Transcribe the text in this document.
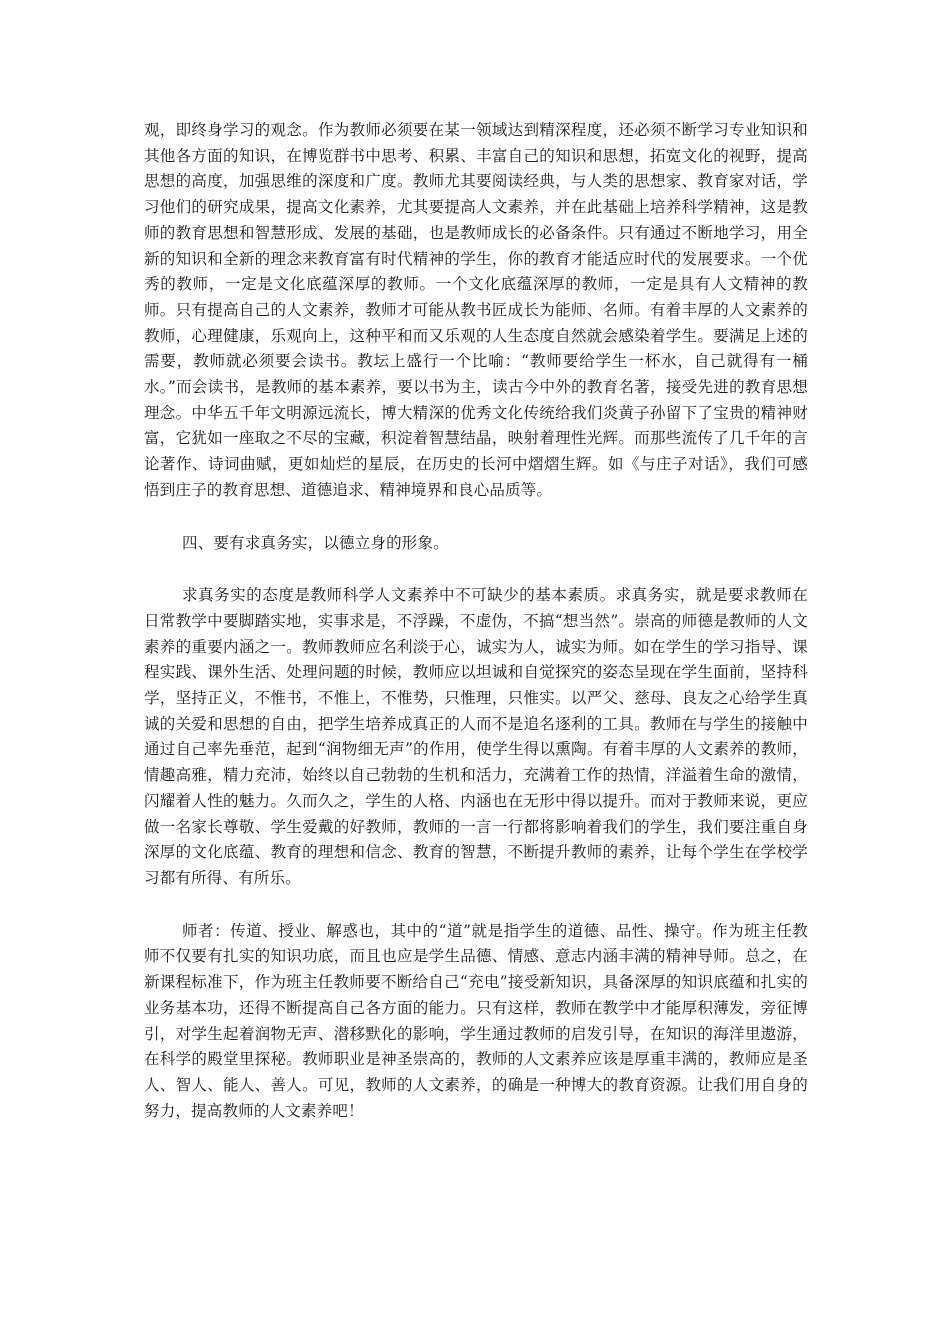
观，即终身学习的观念。作为教师必须要在某一领域达到精深程度，还必须不断学习专业知识和其他各方面的知识，在博览群书中思考、积累、丰富自己的知识和思想，拓宽文化的视野，提高思想的高度，加强思维的深度和广度。教师尤其要阅读经典，与人类的思想家、教育家对话，学习他们的研究成果，提高文化素养，尤其要提高人文素养，并在此基础上培养科学精神，这是教师的教育思想和智慧形成、发展的基础，也是教师成长的必备条件。只有通过不断地学习，用全新的知识和全新的理念来教育富有时代精神的学生，你的教育才能适应时代的发展要求。一个优秀的教师，一定是文化底蕴深厚的教师。一个文化底蕴深厚的教师，一定是具有人文精神的教师。只有提高自己的人文素养，教师才可能从教书匠成长为能师、名师。有着丰厚的人文素养的教师，心理健康，乐观向上，这种平和而又乐观的人生态度自然就会感染着学生。要满足上述的需要，教师就必须要会读书。教坛上盛行一个比喻：“教师要给学生一杯水，自己就得有一桶水。”而会读书，是教师的基本素养，要以书为主，读古今中外的教育名著，接受先进的教育思想理念。中华五千年文明源远流长，博大精深的优秀文化传统给我们炎黄子孙留下了宝贵的精神财富，它犹如一座取之不尽的宝藏，积淀着智慧结晶，映射着理性光辉。而那些流传了几千年的言论著作、诗词曲赋，更如灿烂的星辰，在历史的长河中熠熠生辉。如《与庄子对话》，我们可感悟到庄子的教育思想、道德追求、精神境界和良心品质等。

四、要有求真务实，以德立身的形象。

求真务实的态度是教师科学人文素养中不可缺少的基本素质。求真务实，就是要求教师在日常教学中要脚踏实地，实事求是，不浮躁，不虚伪，不搞“想当然”。崇高的师德是教师的人文素养的重要内涵之一。教师教师应名利淡于心，诚实为人，诚实为师。如在学生的学习指导、课程实践、课外生活、处理问题的时候，教师应以坦诚和自觉探究的姿态呈现在学生面前，坚持科学，坚持正义，不惟书，不惟上，不惟势，只惟理，只惟实。以严父、慈母、良友之心给学生真诚的关爱和思想的自由，把学生培养成真正的人而不是追名逐利的工具。教师在与学生的接触中通过自己率先垂范，起到“润物细无声”的作用，使学生得以熏陶。有着丰厚的人文素养的教师，情趣高雅，精力充沛，始终以自己勃勃的生机和活力，充满着工作的热情，洋溢着生命的激情，闪耀着人性的魅力。久而久之，学生的人格、内涵也在无形中得以提升。而对于教师来说，更应做一名家长尊敬、学生爱戴的好教师，教师的一言一行都将影响着我们的学生，我们要注重自身深厚的文化底蕴、教育的理想和信念、教育的智慧，不断提升教师的素养，让每个学生在学校学习都有所得、有所乐。

师者：传道、授业、解惑也，其中的“道”就是指学生的道德、品性、操守。作为班主任教师不仅要有扎实的知识功底，而且也应是学生品德、情感、意志内涵丰满的精神导师。总之，在新课程标准下，作为班主任教师要不断给自己“充电”接受新知识，具备深厚的知识底蕴和扎实的业务基本功，还得不断提高自己各方面的能力。只有这样，教师在教学中才能厚积薄发，旁征博引，对学生起着润物无声、潜移默化的影响，学生通过教师的启发引导，在知识的海洋里遨游，在科学的殿堂里探秘。教师职业是神圣崇高的，教师的人文素养应该是厚重丰满的，教师应是圣人、智人、能人、善人。可见，教师的人文素养，的确是一种博大的教育资源。让我们用自身的努力，提高教师的人文素养吧！
